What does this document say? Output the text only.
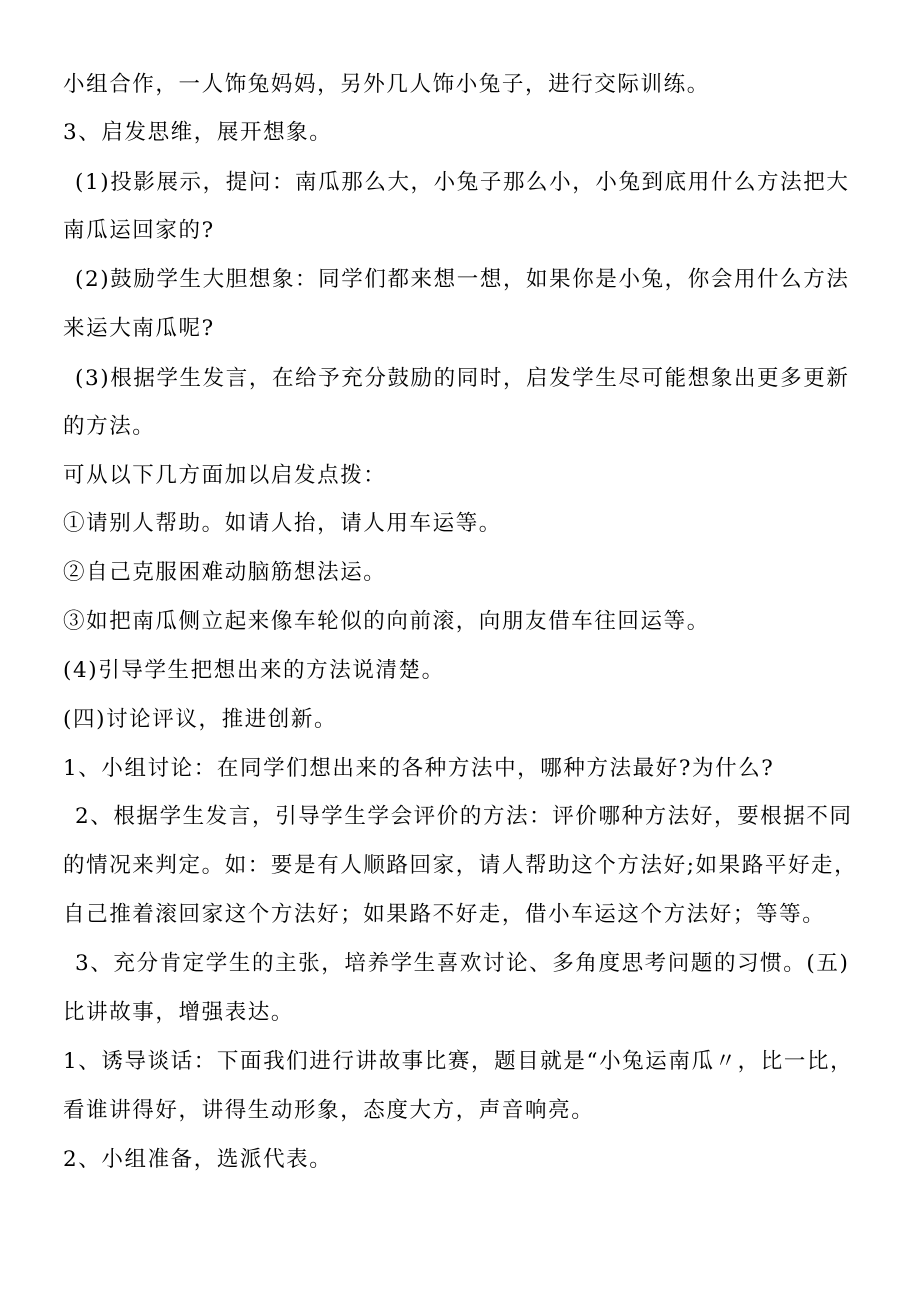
小组合作，一人饰兔妈妈，另外几人饰小兔子，进行交际训练。
3、启发思维，展开想象。
(1)投影展示，提问：南瓜那么大，小兔子那么小，小兔到底用什么方法把大
南瓜运回家的?
(2)鼓励学生大胆想象：同学们都来想一想，如果你是小兔，你会用什么方法
来运大南瓜呢?
(3)根据学生发言，在给予充分鼓励的同时，启发学生尽可能想象出更多更新
的方法。
可从以下几方面加以启发点拨：
①请别人帮助。如请人抬，请人用车运等。
②自己克服困难动脑筋想法运。
③如把南瓜侧立起来像车轮似的向前滚，向朋友借车往回运等。
(4)引导学生把想出来的方法说清楚。
(四)讨论评议，推进创新。
1、小组讨论：在同学们想出来的各种方法中，哪种方法最好?为什么?
2、根据学生发言，引导学生学会评价的方法：评价哪种方法好，要根据不同
的情况来判定。如：要是有人顺路回家，请人帮助这个方法好;如果路平好走，
自己推着滚回家这个方法好；如果路不好走，借小车运这个方法好；等等。
3、充分肯定学生的主张，培养学生喜欢讨论、多角度思考问题的习惯。(五)
比讲故事，增强表达。
1、诱导谈话：下面我们进行讲故事比赛，题目就是“小兔运南瓜〃，比一比，
看谁讲得好，讲得生动形象，态度大方，声音响亮。
2、小组准备，选派代表。
